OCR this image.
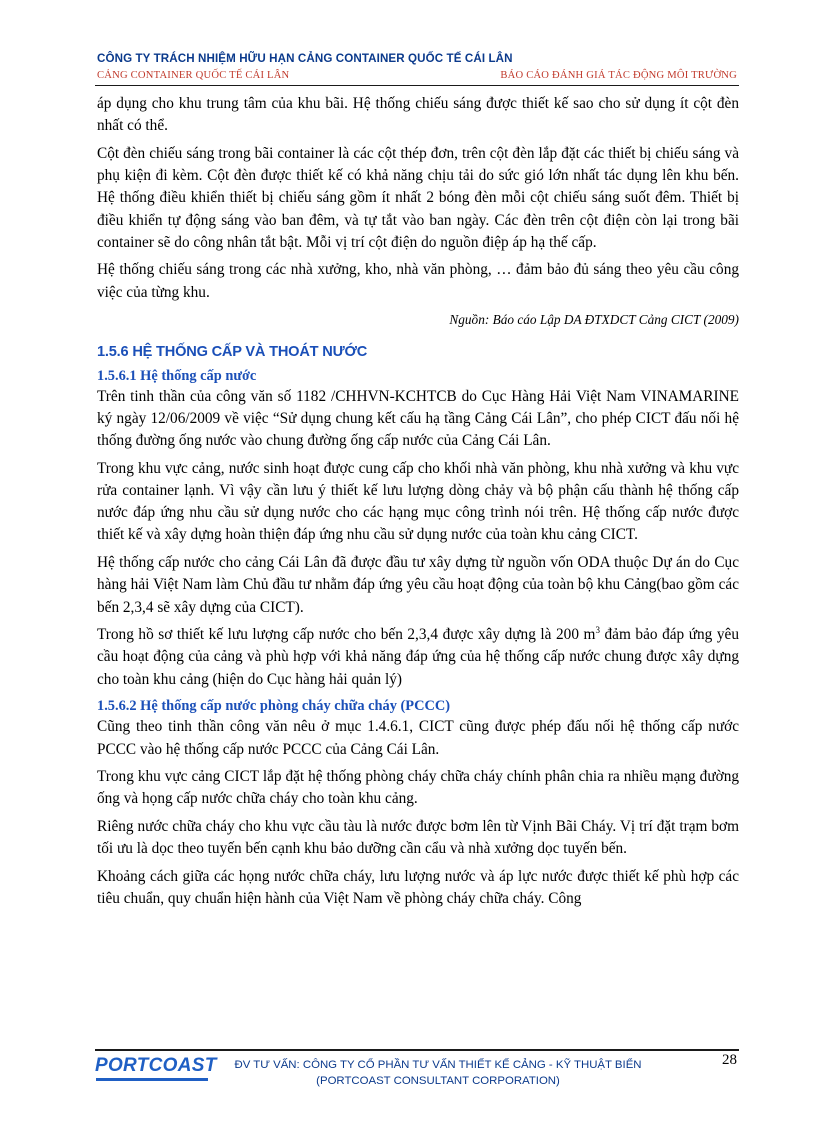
CÔNG TY TRÁCH NHIỆM HỮU HẠN CẢNG CONTAINER QUỐC TẾ CÁI LÂN
CẢNG CONTAINER QUỐC TẾ CÁI LÂN	BÁO CÁO ĐÁNH GIÁ TÁC ĐỘNG MÔI TRƯỜNG

áp dụng cho khu trung tâm của khu bãi. Hệ thống chiếu sáng được thiết kế sao cho sử dụng ít cột đèn nhất có thể.

Cột đèn chiếu sáng trong bãi container là các cột thép đơn, trên cột đèn lắp đặt các thiết bị chiếu sáng và phụ kiện đi kèm. Cột đèn được thiết kế có khả năng chịu tải do sức gió lớn nhất tác dụng lên khu bến. Hệ thống điều khiển thiết bị chiếu sáng gồm ít nhất 2 bóng đèn mỗi cột chiếu sáng suốt đêm. Thiết bị điều khiển tự động sáng vào ban đêm, và tự tắt vào ban ngày. Các đèn trên cột điện còn lại trong bãi container sẽ do công nhân tắt bật. Mỗi vị trí cột điện do nguồn điệp áp hạ thế cấp.

Hệ thống chiếu sáng trong các nhà xưởng, kho, nhà văn phòng, … đảm bảo đủ sáng theo yêu cầu công việc của từng khu.

Nguồn: Báo cáo Lập DA ĐTXDCT Cảng CICT (2009)

1.5.6 HỆ THỐNG CẤP VÀ THOÁT NƯỚC
1.5.6.1 Hệ thống cấp nước

Trên tinh thần của công văn số 1182 /CHHVN-KCHTCB do Cục Hàng Hải Việt Nam VINAMARINE ký ngày 12/06/2009 về việc “Sử dụng chung kết cấu hạ tầng Cảng Cái Lân”, cho phép CICT đấu nối hệ thống đường ống nước vào chung đường ống cấp nước của Cảng Cái Lân.

Trong khu vực cảng, nước sinh hoạt được cung cấp cho khối nhà văn phòng, khu nhà xưởng và khu vực rửa container lạnh. Vì vậy cần lưu ý thiết kế lưu lượng dòng chảy và bộ phận cấu thành hệ thống cấp nước đáp ứng nhu cầu sử dụng nước cho các hạng mục công trình nói trên. Hệ thống cấp nước được thiết kế và xây dựng hoàn thiện đáp ứng nhu cầu sử dụng nước của toàn khu cảng CICT.

Hệ thống cấp nước cho cảng Cái Lân đã được đầu tư xây dựng từ nguồn vốn ODA thuộc Dự án do Cục hàng hải Việt Nam làm Chủ đầu tư nhằm đáp ứng yêu cầu hoạt động của toàn bộ khu Cảng(bao gồm các bến 2,3,4 sẽ xây dựng của CICT).

Trong hồ sơ thiết kế lưu lượng cấp nước cho bến 2,3,4 được xây dựng là 200 $m^3$ đảm bảo đáp ứng yêu cầu hoạt động của cảng và phù hợp với khả năng đáp ứng của hệ thống cấp nước chung được xây dựng cho toàn khu cảng (hiện do Cục hàng hải quản lý)

1.5.6.2 Hệ thống cấp nước phòng cháy chữa cháy (PCCC)

Cũng theo tinh thần công văn nêu ở mục 1.4.6.1, CICT cũng được phép đấu nối hệ thống cấp nước PCCC vào hệ thống cấp nước PCCC của Cảng Cái Lân.

Trong khu vực cảng CICT lắp đặt hệ thống phòng cháy chữa cháy chính phân chia ra nhiều mạng đường ống và họng cấp nước chữa cháy cho toàn khu cảng.

Riêng nước chữa cháy cho khu vực cầu tàu là nước được bơm lên từ Vịnh Bãi Cháy. Vị trí đặt trạm bơm tối ưu là dọc theo tuyến bến cạnh khu bảo dưỡng cần cẩu và nhà xưởng dọc tuyến bến.

Khoảng cách giữa các họng nước chữa cháy, lưu lượng nước và áp lực nước được thiết kế phù hợp các tiêu chuẩn, quy chuẩn hiện hành của Việt Nam về phòng cháy chữa cháy. Công

PORTCOAST	ĐV TƯ VẤN: CÔNG TY CỔ PHẦN TƯ VẤN THIẾT KẾ CẢNG - KỸ THUẬT BIỂN
(PORTCOAST CONSULTANT CORPORATION)
28
